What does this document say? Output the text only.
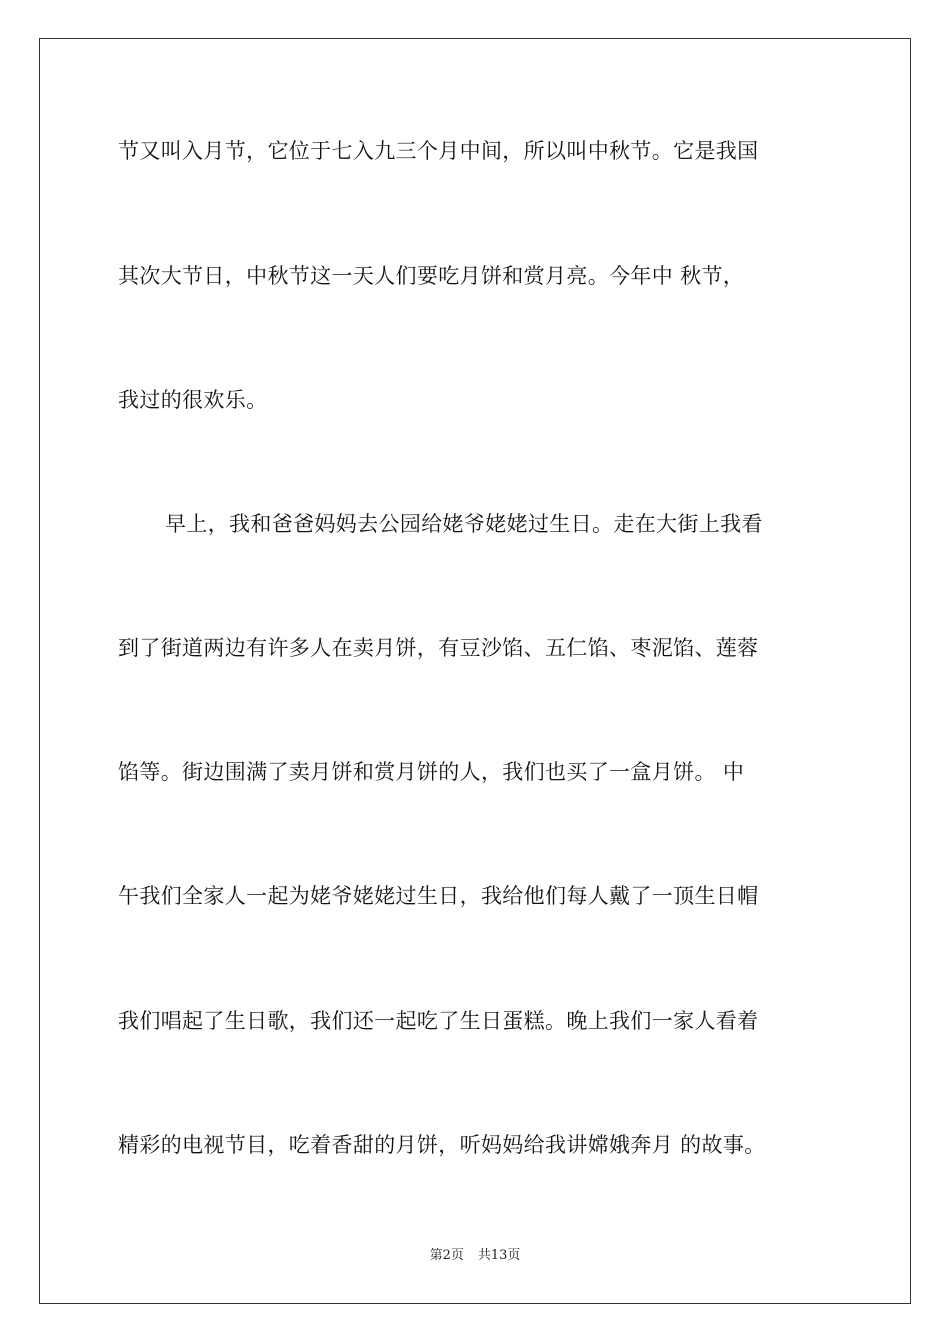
节又叫入月节，它位于七入九三个月中间，所以叫中秋节。它是我国
其次大节日，中秋节这一天人们要吃月饼和赏月亮。今年中 秋节，
我过的很欢乐。
早上，我和爸爸妈妈去公园给姥爷姥姥过生日。走在大街上我看
到了街道两边有许多人在卖月饼，有豆沙馅、五仁馅、枣泥馅、莲蓉
馅等。街边围满了卖月饼和赏月饼的人，我们也买了一盒月饼。 中
午我们全家人一起为姥爷姥姥过生日，我给他们每人戴了一顶生日帽
我们唱起了生日歌，我们还一起吃了生日蛋糕。晚上我们一家人看着
精彩的电视节目，吃着香甜的月饼，听妈妈给我讲嫦娥奔月 的故事。
第2页 共13页
